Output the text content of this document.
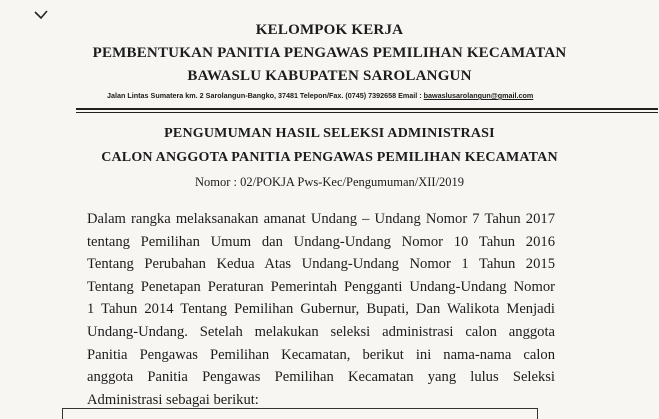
KELOMPOK KERJA
PEMBENTUKAN PANITIA PENGAWAS PEMILIHAN KECAMATAN
BAWASLU KABUPATEN SAROLANGUN
Jalan Lintas Sumatera km. 2 Sarolangun-Bangko, 37481 Telepon/Fax. (0745) 7392658 Email : bawaslusarolangun@gmail.com
PENGUMUMAN HASIL SELEKSI ADMINISTRASI
CALON ANGGOTA PANITIA PENGAWAS PEMILIHAN KECAMATAN
Nomor : 02/POKJA Pws-Kec/Pengumuman/XII/2019
Dalam rangka melaksanakan amanat Undang – Undang Nomor 7 Tahun 2017
tentang Pemilihan Umum dan Undang-Undang Nomor 10 Tahun 2016
Tentang Perubahan Kedua Atas Undang-Undang Nomor 1 Tahun 2015
Tentang Penetapan Peraturan Pemerintah Pengganti Undang-Undang Nomor
1 Tahun 2014 Tentang Pemilihan Gubernur, Bupati, Dan Walikota Menjadi
Undang-Undang. Setelah melakukan seleksi administrasi calon anggota
Panitia Pengawas Pemilihan Kecamatan, berikut ini nama-nama calon
anggota Panitia Pengawas Pemilihan Kecamatan yang lulus Seleksi
Administrasi sebagai berikut:
